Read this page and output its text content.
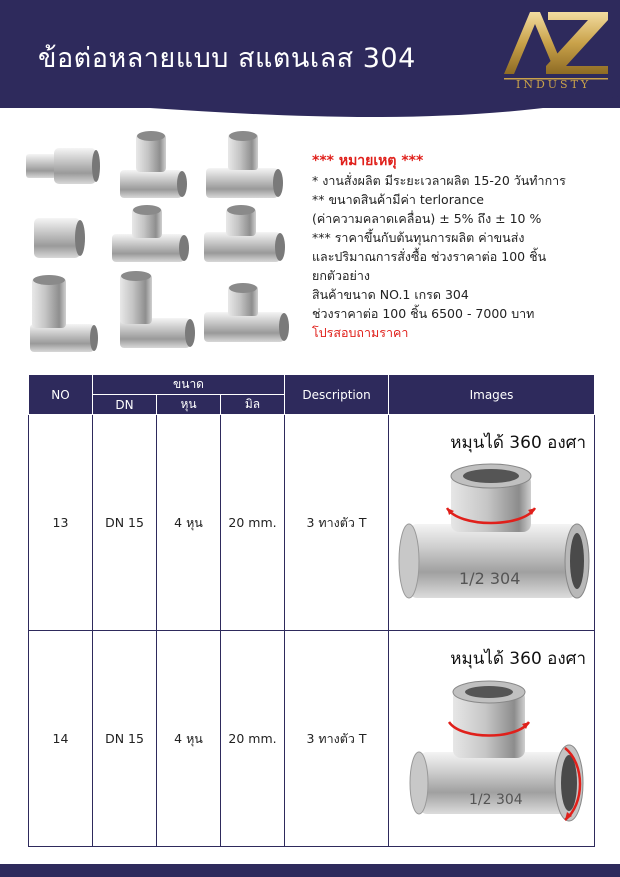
ข้อต่อหลายแบบ สแตนเลส 304
INDUSTY
*** หมายเหตุ ***
* งานสั่งผลิต มีระยะเวลาผลิต 15-20 วันทำการ
** ขนาดสินค้ามีค่า terlorance
(ค่าความคลาดเคลื่อน) ± 5% ถึง ± 10 %
*** ราคาขึ้นกับต้นทุนการผลิต ค่าขนส่ง
และปริมาณการสั่งซื้อ ช่วงราคาต่อ 100 ชิ้น
ยกตัวอย่าง
สินค้าขนาด NO.1 เกรด 304
ช่วงราคาต่อ 100 ชิ้น 6500 - 7000 บาท
โปรสอบถามราคา
NO	ขนาด			Description	Images
	DN	หุน	มิล		
13	DN 15	4 หุน	20 mm.	3 ทางตัว T	หมุนได้ 360 องศา
1/2 304

14	DN 15	4 หุน	20 mm.	3 ทางตัว T	หมุนได้ 360 องศา
1/2 304
